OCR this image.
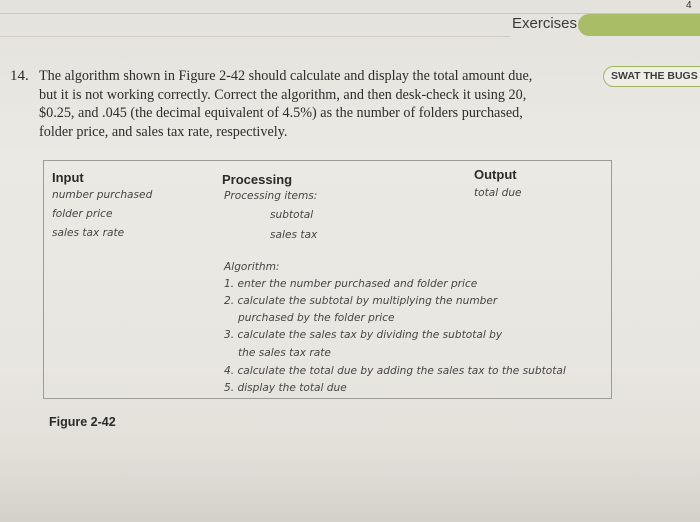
Exercises
4
SWAT THE BUGS
14. The algorithm shown in Figure 2-42 should calculate and display the total amount due,
but it is not working correctly. Correct the algorithm, and then desk-check it using 20,
$0.25, and .045 (the decimal equivalent of 4.5%) as the number of folders purchased,
folder price, and sales tax rate, respectively.
Input
number purchased
folder price
sales tax rate
Processing
Processing items:
subtotal
sales tax
Output
total due
Algorithm:
1. enter the number purchased and folder price
2. calculate the subtotal by multiplying the number
purchased by the folder price
3. calculate the sales tax by dividing the subtotal by
the sales tax rate
4. calculate the total due by adding the sales tax to the subtotal
5. display the total due
Figure 2-42
